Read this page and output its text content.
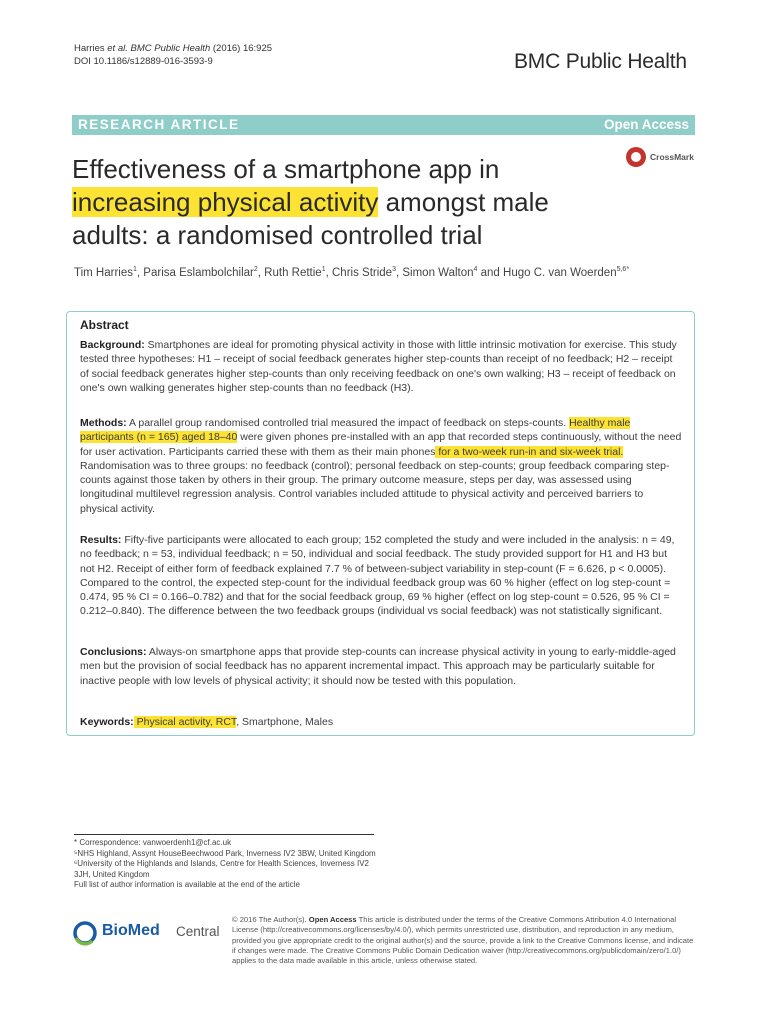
Harries et al. BMC Public Health (2016) 16:925
DOI 10.1186/s12889-016-3593-9	BMC Public Health
RESEARCH ARTICLE	Open Access
Effectiveness of a smartphone app in
increasing physical activity amongst male
adults: a randomised controlled trial
CrossMark
Tim Harries$^1$, Parisa Eslambolchilar$^2$, Ruth Rettie$^1$, Chris Stride$^3$, Simon Walton$^4$ and Hugo C. van Woerden$^{5,6*}$
Abstract
Background: Smartphones are ideal for promoting physical activity in those with little intrinsic motivation for exercise. This study tested three hypotheses: H1 – receipt of social feedback generates higher step-counts than receipt of no feedback; H2 – receipt of social feedback generates higher step-counts than only receiving feedback on one's own walking; H3 – receipt of feedback on one's own walking generates higher step-counts than no feedback (H3).
Methods: A parallel group randomised controlled trial measured the impact of feedback on steps-counts. Healthy male participants (n = 165) aged 18–40 were given phones pre-installed with an app that recorded steps continuously, without the need for user activation. Participants carried these with them as their main phones for a two-week run-in and six-week trial. Randomisation was to three groups: no feedback (control); personal feedback on step-counts; group feedback comparing step-counts against those taken by others in their group. The primary outcome measure, steps per day, was assessed using longitudinal multilevel regression analysis. Control variables included attitude to physical activity and perceived barriers to physical activity.
Results: Fifty-five participants were allocated to each group; 152 completed the study and were included in the analysis: n = 49, no feedback; n = 53, individual feedback; n = 50, individual and social feedback. The study provided support for H1 and H3 but not H2. Receipt of either form of feedback explained 7.7 % of between-subject variability in step-count (F = 6.626, p < 0.0005). Compared to the control, the expected step-count for the individual feedback group was 60 % higher (effect on log step-count = 0.474, 95 % CI = 0.166–0.782) and that for the social feedback group, 69 % higher (effect on log step-count = 0.526, 95 % CI = 0.212–0.840). The difference between the two feedback groups (individual vs social feedback) was not statistically significant.
Conclusions: Always-on smartphone apps that provide step-counts can increase physical activity in young to early-middle-aged men but the provision of social feedback has no apparent incremental impact. This approach may be particularly suitable for inactive people with low levels of physical activity; it should now be tested with this population.
Keywords: Physical activity, RCT, Smartphone, Males
* Correspondence: vanwoerdenh1@cf.ac.uk
⁵NHS Highland, Assynt HouseBeechwood Park, Inverness IV2 3BW, United Kingdom
⁶University of the Highlands and Islands, Centre for Health Sciences, Inverness IV2 3JH, United Kingdom
Full list of author information is available at the end of the article
BioMed Central
© 2016 The Author(s). Open Access This article is distributed under the terms of the Creative Commons Attribution 4.0 International License (http://creativecommons.org/licenses/by/4.0/), which permits unrestricted use, distribution, and reproduction in any medium, provided you give appropriate credit to the original author(s) and the source, provide a link to the Creative Commons license, and indicate if changes were made. The Creative Commons Public Domain Dedication waiver (http://creativecommons.org/publicdomain/zero/1.0/) applies to the data made available in this article, unless otherwise stated.
